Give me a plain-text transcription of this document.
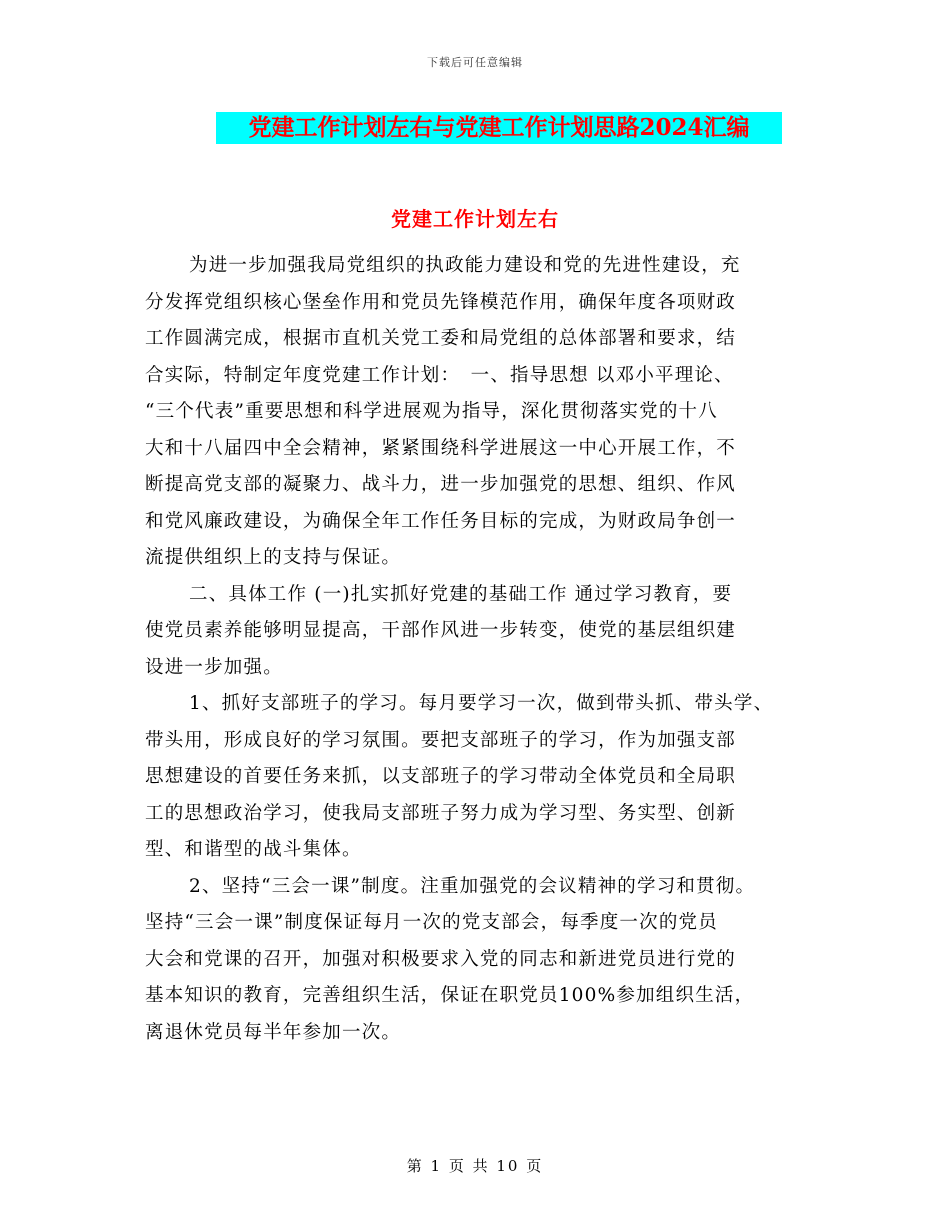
下载后可任意编辑
党建工作计划左右与党建工作计划思路2024汇编
党建工作计划左右
为进一步加强我局党组织的执政能力建设和党的先进性建设，充
分发挥党组织核心堡垒作用和党员先锋模范作用，确保年度各项财政
工作圆满完成，根据市直机关党工委和局党组的总体部署和要求，结
合实际，特制定年度党建工作计划：　一、指导思想 以邓小平理论、
“三个代表”重要思想和科学进展观为指导，深化贯彻落实党的十八
大和十八届四中全会精神，紧紧围绕科学进展这一中心开展工作，不
断提高党支部的凝聚力、战斗力，进一步加强党的思想、组织、作风
和党风廉政建设，为确保全年工作任务目标的完成，为财政局争创一
流提供组织上的支持与保证。
二、具体工作 (一)扎实抓好党建的基础工作 通过学习教育，要
使党员素养能够明显提高，干部作风进一步转变，使党的基层组织建
设进一步加强。
1、抓好支部班子的学习。每月要学习一次，做到带头抓、带头学、
带头用，形成良好的学习氛围。要把支部班子的学习，作为加强支部
思想建设的首要任务来抓，以支部班子的学习带动全体党员和全局职
工的思想政治学习，使我局支部班子努力成为学习型、务实型、创新
型、和谐型的战斗集体。
2、坚持“三会一课”制度。注重加强党的会议精神的学习和贯彻。
坚持“三会一课”制度保证每月一次的党支部会，每季度一次的党员
大会和党课的召开，加强对积极要求入党的同志和新进党员进行党的
基本知识的教育，完善组织生活，保证在职党员100%参加组织生活，
离退休党员每半年参加一次。
第 1 页 共 10 页
